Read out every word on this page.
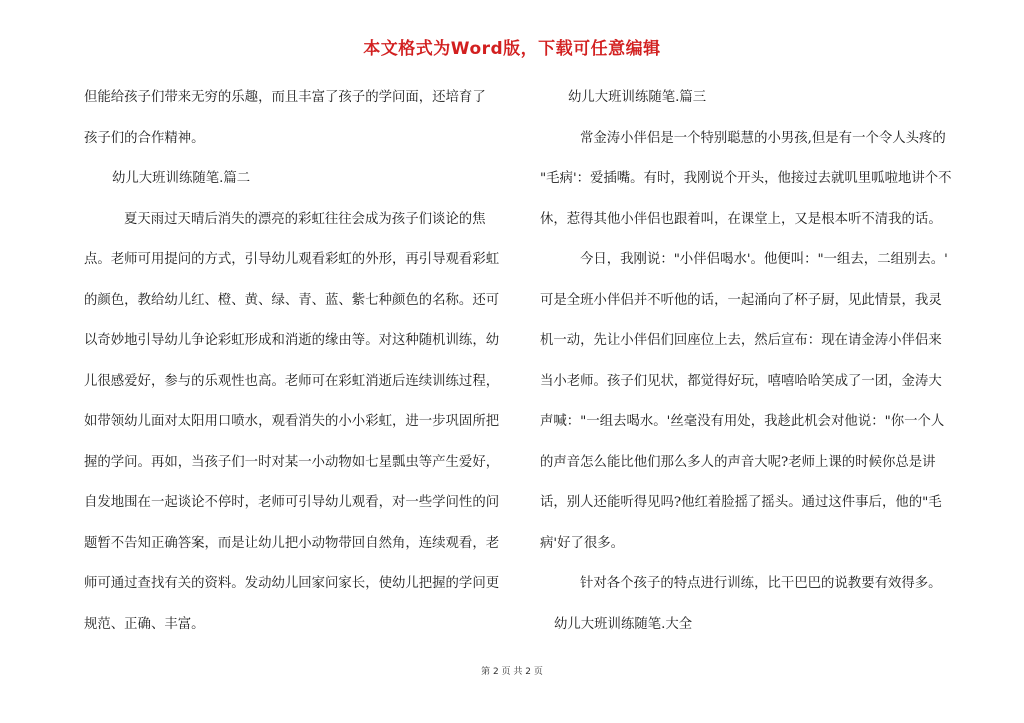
本文格式为Word版，下载可任意编辑
但能给孩子们带来无穷的乐趣，而且丰富了孩子的学问面，还培育了
孩子们的合作精神。
幼儿大班训练随笔.篇二
夏天雨过天晴后消失的漂亮的彩虹往往会成为孩子们谈论的焦
点。老师可用提问的方式，引导幼儿观看彩虹的外形，再引导观看彩虹
的颜色，教给幼儿红、橙、黄、绿、青、蓝、紫七种颜色的名称。还可
以奇妙地引导幼儿争论彩虹形成和消逝的缘由等。对这种随机训练，幼
儿很感爱好，参与的乐观性也高。老师可在彩虹消逝后连续训练过程，
如带领幼儿面对太阳用口喷水，观看消失的小小彩虹，进一步巩固所把
握的学问。再如，当孩子们一时对某一小动物如七星瓢虫等产生爱好，
自发地围在一起谈论不停时，老师可引导幼儿观看，对一些学问性的问
题暂不告知正确答案，而是让幼儿把小动物带回自然角，连续观看，老
师可通过查找有关的资料。发动幼儿回家问家长，使幼儿把握的学问更
规范、正确、丰富。
幼儿大班训练随笔.篇三
常金涛小伴侣是一个特别聪慧的小男孩,但是有一个令人头疼的
"毛病'：爱插嘴。有时，我刚说个开头，他接过去就叽里呱啦地讲个不
休，惹得其他小伴侣也跟着叫，在课堂上，又是根本听不清我的话。
今日，我刚说："小伴侣喝水'。他便叫："一组去，二组别去。'
可是全班小伴侣并不听他的话，一起涌向了杯子厨，见此情景，我灵
机一动，先让小伴侣们回座位上去，然后宣布：现在请金涛小伴侣来
当小老师。孩子们见状，都觉得好玩，嘻嘻哈哈笑成了一团，金涛大
声喊："一组去喝水。'丝毫没有用处，我趁此机会对他说："你一个人
的声音怎么能比他们那么多人的声音大呢?老师上课的时候你总是讲
话，别人还能听得见吗?他红着脸摇了摇头。通过这件事后，他的"毛
病'好了很多。
针对各个孩子的特点进行训练，比干巴巴的说教要有效得多。
幼儿大班训练随笔.大全
第 2 页 共 2 页
